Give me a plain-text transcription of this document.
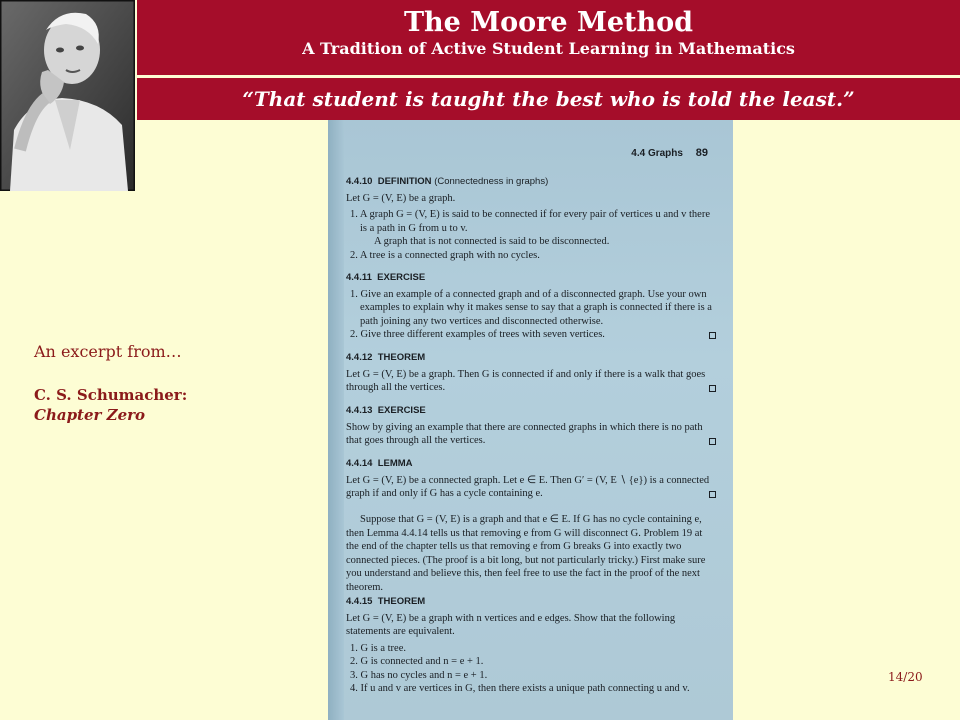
The Moore Method
A Tradition of Active Student Learning in Mathematics
“That student is taught the best who is told the least.”
An excerpt from…
C. S. Schumacher:
Chapter Zero
4.4 Graphs 89
4.4.10 DEFINITION (Connectedness in graphs)
Let G = (V, E) be a graph.
1. A graph G = (V, E) is said to be connected if for every pair of vertices u and v there is a path in G from u to v.
A graph that is not connected is said to be disconnected.
2. A tree is a connected graph with no cycles.
4.4.11 EXERCISE
1. Give an example of a connected graph and of a disconnected graph. Use your own examples to explain why it makes sense to say that a graph is connected if there is a path joining any two vertices and disconnected otherwise.
2. Give three different examples of trees with seven vertices.
4.4.12 THEOREM
Let G = (V, E) be a graph. Then G is connected if and only if there is a walk that goes through all the vertices.
4.4.13 EXERCISE
Show by giving an example that there are connected graphs in which there is no path that goes through all the vertices.
4.4.14 LEMMA
Let G = (V, E) be a connected graph. Let e ∈ E. Then G′ = (V, E ∖ {e}) is a connected graph if and only if G has a cycle containing e.
Suppose that G = (V, E) is a graph and that e ∈ E. If G has no cycle containing e, then Lemma 4.4.14 tells us that removing e from G will disconnect G. Problem 19 at the end of the chapter tells us that removing e from G breaks G into exactly two connected pieces. (The proof is a bit long, but not particularly tricky.) First make sure you understand and believe this, then feel free to use the fact in the proof of the next theorem.
4.4.15 THEOREM
Let G = (V, E) be a graph with n vertices and e edges. Show that the following statements are equivalent.
1. G is a tree.
2. G is connected and n = e + 1.
3. G has no cycles and n = e + 1.
4. If u and v are vertices in G, then there exists a unique path connecting u and v.
14/20
